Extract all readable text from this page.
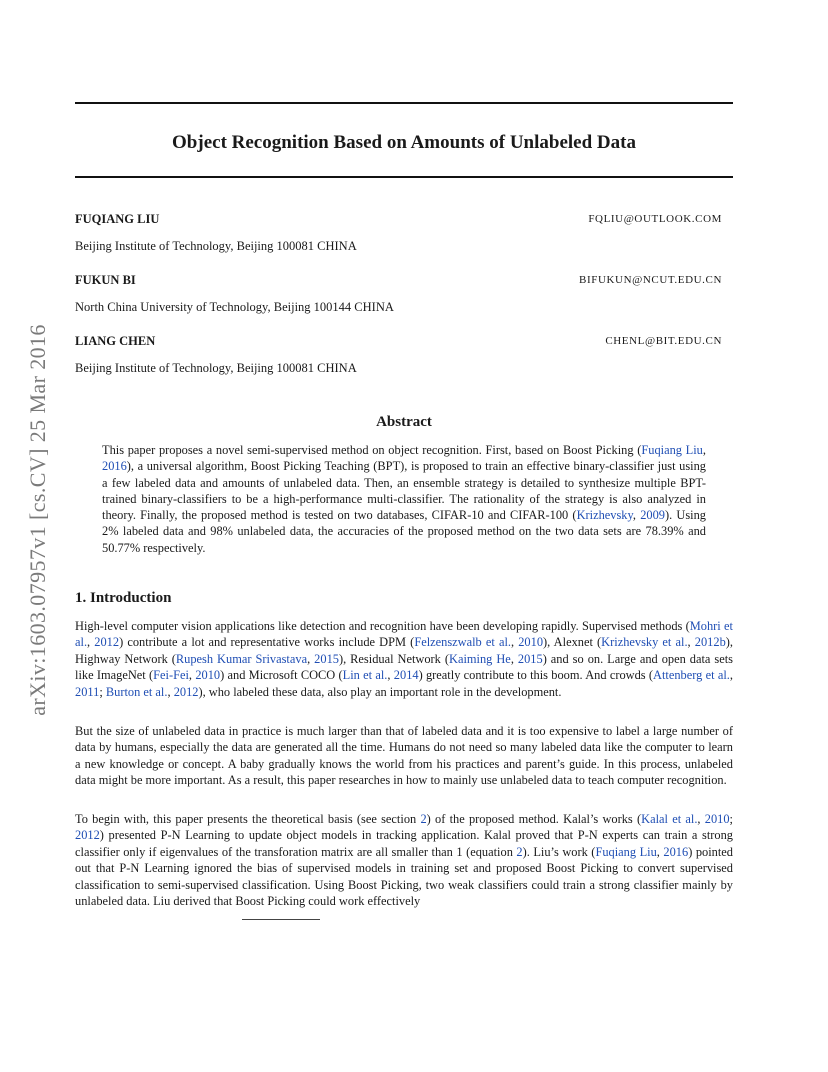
arXiv:1603.07957v1 [cs.CV] 25 Mar 2016
Object Recognition Based on Amounts of Unlabeled Data
FUQIANG LIU	FQLIU@OUTLOOK.COM
Beijing Institute of Technology, Beijing 100081 CHINA
FUKUN BI	BIFUKUN@NCUT.EDU.CN
North China University of Technology, Beijing 100144 CHINA
LIANG CHEN	CHENL@BIT.EDU.CN
Beijing Institute of Technology, Beijing 100081 CHINA
Abstract
This paper proposes a novel semi-supervised method on object recognition. First, based on Boost Picking (Fuqiang Liu, 2016), a universal algorithm, Boost Picking Teaching (BPT), is proposed to train an effective binary-classifier just using a few labeled data and amounts of unlabeled data. Then, an ensemble strategy is detailed to synthesize multiple BPT-trained binary-classifiers to be a high-performance multi-classifier. The rationality of the strategy is also analyzed in theory. Finally, the proposed method is tested on two databases, CIFAR-10 and CIFAR-100 (Krizhevsky, 2009). Using 2% labeled data and 98% unlabeled data, the accuracies of the proposed method on the two data sets are 78.39% and 50.77% respectively.
1. Introduction

High-level computer vision applications like detection and recognition have been developing rapidly. Supervised methods (Mohri et al., 2012) contribute a lot and representative works include DPM (Felzenszwalb et al., 2010), Alexnet (Krizhevsky et al., 2012b), Highway Network (Rupesh Kumar Srivastava, 2015), Residual Network (Kaiming He, 2015) and so on. Large and open data sets like ImageNet (Fei-Fei, 2010) and Microsoft COCO (Lin et al., 2014) greatly contribute to this boom. And crowds (Attenberg et al., 2011; Burton et al., 2012), who labeled these data, also play an important role in the development.

But the size of unlabeled data in practice is much larger than that of labeled data and it is too expensive to label a large number of data by humans, especially the data are generated all the time. Humans do not need so many labeled data like the computer to learn a new knowledge or concept. A baby gradually knows the world from his practices and parent’s guide. In this process, unlabeled data might be more important. As a result, this paper researches in how to mainly use unlabeled data to teach computer recognition.

To begin with, this paper presents the theoretical basis (see section 2) of the proposed method. Kalal’s works (Kalal et al., 2010; 2012) presented P-N Learning to update object models in tracking application. Kalal proved that P-N experts can train a strong classifier only if eigenvalues of the transforation matrix are all smaller than 1 (equation 2). Liu’s work (Fuqiang Liu, 2016) pointed out that P-N Learning ignored the bias of supervised models in training set and proposed Boost Picking to convert supervised classification to semi-supervised classification. Using Boost Picking, two weak classifiers could train a strong classifier mainly by unlabeled data. Liu derived that Boost Picking could work effectively
